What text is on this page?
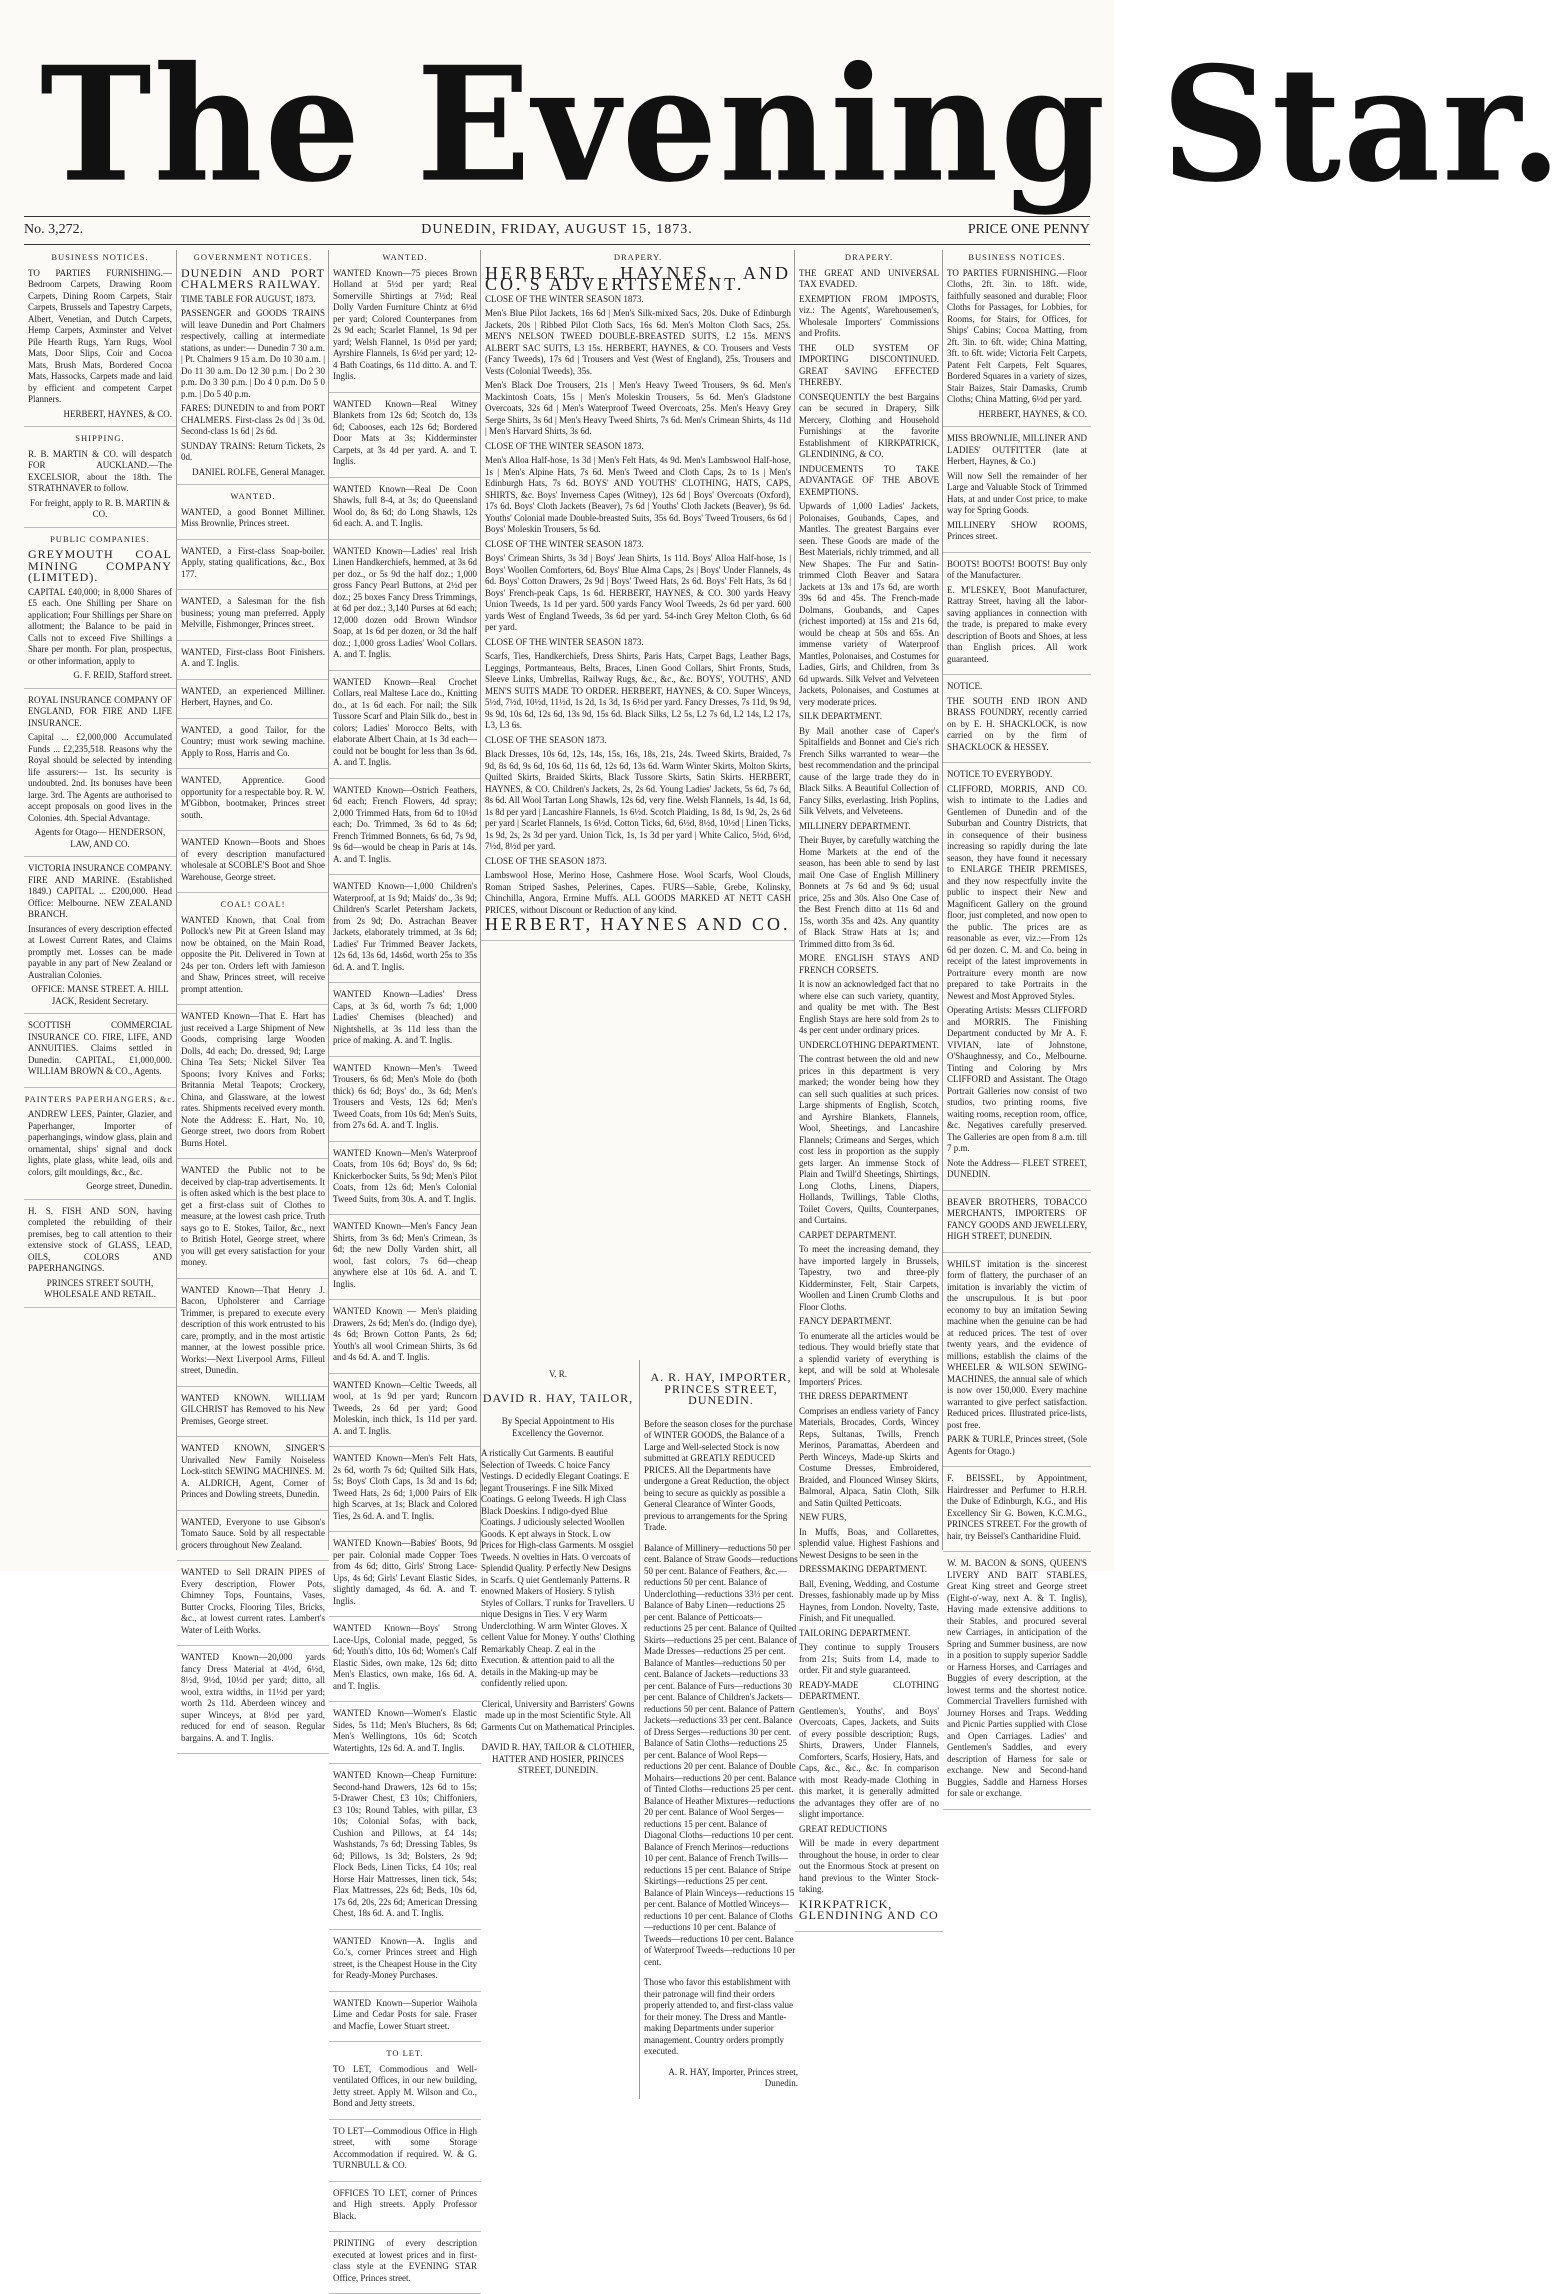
The Evening Star.
No. 3,272.	DUNEDIN, FRIDAY, AUGUST 15, 1873.	PRICE ONE PENNY
BUSINESS NOTICES.

TO PARTIES FURNISHING.—Bedroom Carpets, Drawing Room Carpets, Dining Room Carpets, Stair Carpets, Brussels and Tapestry Carpets, Albert, Venetian, and Dutch Carpets, Hemp Carpets, Axminster and Velvet Pile Hearth Rugs, Yarn Rugs, Wool Mats, Door Slips, Coir and Cocoa Mats, Brush Mats, Bordered Cocoa Mats, Hassocks, Carpets made and laid by efficient and competent Carpet Planners.

HERBERT, HAYNES, & CO.
SHIPPING.

R. B. MARTIN & CO. will despatch FOR AUCKLAND.—The EXCELSIOR, about the 18th. The STRATHNAVER to follow.

For freight, apply to R. B. MARTIN & CO.
PUBLIC COMPANIES.

GREYMOUTH COAL MINING COMPANY (LIMITED).

CAPITAL £40,000; in 8,000 Shares of £5 each. One Shilling per Share on application; Four Shillings per Share on allotment; the Balance to be paid in Calls not to exceed Five Shillings a Share per month. For plan, prospectus, or other information, apply to

G. F. REID, Stafford street.

ROYAL INSURANCE COMPANY OF ENGLAND, FOR FIRE AND LIFE INSURANCE.

Capital ... £2,000,000 Accumulated Funds ... £2,235,518. Reasons why the Royal should be selected by intending life assurers:— 1st. Its security is undoubted. 2nd. Its bonuses have been large. 3rd. The Agents are authorised to accept proposals on good lives in the Colonies. 4th. Special Advantage.

Agents for Otago— HENDERSON, LAW, AND CO.

VICTORIA INSURANCE COMPANY. FIRE AND MARINE. (Established 1849.) CAPITAL ... £200,000. Head Office: Melbourne. NEW ZEALAND BRANCH.

Insurances of every description effected at Lowest Current Rates, and Claims promptly met. Losses can be made payable in any part of New Zealand or Australian Colonies.

OFFICE: MANSE STREET. A. HILL JACK, Resident Secretary.

SCOTTISH COMMERCIAL INSURANCE CO. FIRE, LIFE, AND ANNUITIES. Claims settled in Dunedin. CAPITAL, £1,000,000. WILLIAM BROWN & CO., Agents.

PAINTERS PAPERHANGERS, &c.

ANDREW LEES, Painter, Glazier, and Paperhanger, Importer of paperhangings, window glass, plain and ornamental, ships' signal and dock lights, plate glass, white lead, oils and colors, gilt mouldings, &c., &c.

George street, Dunedin.

H. S. FISH AND SON, having completed the rebuilding of their premises, beg to call attention to their extensive stock of GLASS, LEAD, OILS, COLORS AND PAPERHANGINGS.

PRINCES STREET SOUTH, WHOLESALE AND RETAIL.
GOVERNMENT NOTICES.

DUNEDIN AND PORT CHALMERS RAILWAY.

TIME TABLE FOR AUGUST, 1873.

PASSENGER and GOODS TRAINS will leave Dunedin and Port Chalmers respectively, calling at intermediate stations, as under:— Dunedin 7 30 a.m. | Pt. Chalmers 9 15 a.m. Do 10 30 a.m. | Do 11 30 a.m. Do 12 30 p.m. | Do 2 30 p.m. Do 3 30 p.m. | Do 4 0 p.m. Do 5 0 p.m. | Do 5 40 p.m.

FARES: DUNEDIN to and from PORT CHALMERS. First-class 2s 0d | 3s 0d. Second-class 1s 6d | 2s 6d.

SUNDAY TRAINS: Return Tickets, 2s 0d.

DANIEL ROLFE, General Manager.
WANTED.

WANTED, a good Bonnet Milliner. Miss Brownlie, Princes street.

WANTED, a First-class Soap-boiler. Apply, stating qualifications, &c., Box 177.

WANTED, a Salesman for the fish business; young man preferred. Apply Melville, Fishmonger, Princes street.

WANTED, First-class Boot Finishers. A. and T. Inglis.

WANTED, an experienced Milliner. Herbert, Haynes, and Co.

WANTED, a good Tailor, for the Country; must work sewing machine. Apply to Ross, Harris and Co.

WANTED, Apprentice. Good opportunity for a respectable boy. R. W. M'Gibbon, bootmaker, Princes street south.

WANTED Known—Boots and Shoes of every description manufactured wholesale at SCOBLE'S Boot and Shoe Warehouse, George street.

COAL! COAL!

WANTED Known, that Coal from Pollock's new Pit at Green Island may now be obtained, on the Main Road, opposite the Pit. Delivered in Town at 24s per ton. Orders left with Jamieson and Shaw, Princes street, will receive prompt attention.

WANTED Known—That E. Hart has just received a Large Shipment of New Goods, comprising large Wooden Dolls, 4d each; Do. dressed, 9d; Large China Tea Sets; Nickel Silver Tea Spoons; Ivory Knives and Forks; Britannia Metal Teapots; Crockery, China, and Glassware, at the lowest rates. Shipments received every month. Note the Address: E. Hart, No. 10, George street, two doors from Robert Burns Hotel.

WANTED the Public not to be deceived by clap-trap advertisements. It is often asked which is the best place to get a first-class suit of Clothes to measure, at the lowest cash price. Truth says go to E. Stokes, Tailor, &c., next to British Hotel, George street, where you will get every satisfaction for your money.

WANTED Known—That Henry J. Bacon, Upholsterer and Carriage Trimmer, is prepared to execute every description of this work entrusted to his care, promptly, and in the most artistic manner, at the lowest possible price. Works:—Next Liverpool Arms, Filleul street, Dunedin.

WANTED KNOWN. WILLIAM GILCHRIST has Removed to his New Premises, George street.

WANTED KNOWN, SINGER'S Unrivalled New Family Noiseless Lock-stitch SEWING MACHINES. M. A. ALDRICH, Agent, Corner of Princes and Dowling streets, Dunedin.

WANTED, Everyone to use Gibson's Tomato Sauce. Sold by all respectable grocers throughout New Zealand.

WANTED to Sell DRAIN PIPES of Every description, Flower Pots, Chimney Tops, Fountains, Vases, Butter Crocks, Flooring Tiles, Bricks, &c., at lowest current rates. Lambert's Water of Leith Works.

WANTED Known—20,000 yards fancy Dress Material at 4½d, 6½d, 8½d, 9½d, 10½d per yard; ditto, all wool, extra widths, in 11½d per yard; worth 2s 11d. Aberdeen wincey and super Winceys, at 8½d per yard, reduced for end of season. Regular bargains. A. and T. Inglis.

WANTED.

WANTED Known—75 pieces Brown Holland at 5½d per yard; Real Somerville Shirtings at 7½d; Real Dolly Varden Furniture Chintz at 6½d per yard; Colored Counterpanes from 2s 9d each; Scarlet Flannel, 1s 9d per yard; Welsh Flannel, 1s 0½d per yard; Ayrshire Flannels, 1s 6½d per yard; 12-4 Bath Coatings, 6s 11d ditto. A. and T. Inglis.

WANTED Known—Real Witney Blankets from 12s 6d; Scotch do, 13s 6d; Cabooses, each 12s 6d; Bordered Door Mats at 3s; Kidderminster Carpets, at 3s 4d per yard. A. and T. Inglis.

WANTED Known—Real De Coon Shawls, full 8-4, at 3s; do Queensland Wool do, 8s 6d; do Long Shawls, 12s 6d each. A. and T. Inglis.

WANTED Known—Ladies' real Irish Linen Handkerchiefs, hemmed, at 3s 6d per doz., or 5s 9d the half doz.; 1,000 gross Fancy Pearl Buttons, at 2½d per doz.; 25 boxes Fancy Dress Trimmings, at 6d per doz.; 3,140 Purses at 6d each; 12,000 dozen odd Brown Windsor Soap, at 1s 6d per dozen, or 3d the half doz.; 1,000 gross Ladies' Wool Collars. A. and T. Inglis.

WANTED Known—Real Crochet Collars, real Maltese Lace do., Knitting do., at 1s 6d each. For nail; the Silk Tussore Scarf and Plain Silk do., best in colors; Ladies' Morocco Belts, with elaborate Albert Chain, at 1s 3d each—could not be bought for less than 3s 6d. A. and T. Inglis.

WANTED Known—Ostrich Feathers, 6d each; French Flowers, 4d spray; 2,000 Trimmed Hats, from 6d to 10½d each; Do. Trimmed, 3s 6d to 4s 6d; French Trimmed Bonnets, 6s 6d, 7s 9d, 9s 6d—would be cheap in Paris at 14s. A. and T. Inglis.

WANTED Known—1,000 Children's Waterproof, at 1s 9d; Maids' do., 3s 9d; Children's Scarlet Petersham Jackets, from 2s 9d; Do. Astrachan Beaver Jackets, elaborately trimmed, at 3s 6d; Ladies' Fur Trimmed Beaver Jackets, 12s 6d, 13s 6d, 14s6d, worth 25s to 35s 6d. A. and T. Inglis.

WANTED Known—Ladies' Dress Caps, at 3s 6d, worth 7s 6d; 1,000 Ladies' Chemises (bleached) and Nightshells, at 3s 11d less than the price of making. A. and T. Inglis.

WANTED Known—Men's Tweed Trousers, 6s 6d; Men's Mole do (both thick) 6s 6d; Boys' do., 3s 6d; Men's Trousers and Vests, 12s 6d; Men's Tweed Coats, from 10s 6d; Men's Suits, from 27s 6d. A. and T. Inglis.

WANTED Known—Men's Waterproof Coats, from 10s 6d; Boys' do, 9s 6d; Knickerbocker Suits, 5s 9d; Men's Pilot Coats, from 12s 6d; Men's Colonial Tweed Suits, from 30s. A. and T. Inglis.

WANTED Known—Men's Fancy Jean Shirts, from 3s 6d; Men's Crimean, 3s 6d; the new Dolly Varden shirt, all wool, fast colors, 7s 6d—cheap anywhere else at 10s 6d. A. and T. Inglis.

WANTED Known — Men's plaiding Drawers, 2s 6d; Men's do. (Indigo dye), 4s 6d; Brown Cotton Pants, 2s 6d; Youth's all wool Crimean Shirts, 3s 6d and 4s 6d. A. and T. Inglis.

WANTED Known—Celtic Tweeds, all wool, at 1s 9d per yard; Runcorn Tweeds, 2s 6d per yard; Good Moleskin, inch thick, 1s 11d per yard. A. and T. Inglis.

WANTED Known—Men's Felt Hats, 2s 6d, worth 7s 6d; Quilted Silk Hats, 5s; Boys' Cloth Caps, 1s 3d and 1s 6d; Tweed Hats, 2s 6d; 1,000 Pairs of Elk high Scarves, at 1s; Black and Colored Ties, 2s 6d. A. and T. Inglis.

WANTED Known—Babies' Boots, 9d per pair. Colonial made Copper Toes from 4s 6d; ditto, Girls' Strong Lace-Ups, 4s 6d; Girls' Levant Elastic Sides, slightly damaged, 4s 6d. A. and T. Inglis.

WANTED Known—Boys' Strong Lace-Ups, Colonial made, pegged, 5s 6d; Youth's ditto, 10s 6d; Women's Calf Elastic Sides, own make, 12s 6d; ditto Men's Elastics, own make, 16s 6d. A. and T. Inglis.

WANTED Known—Women's Elastic Sides, 5s 11d; Men's Bluchers, 8s 6d; Men's Wellingtons, 10s 6d; Scotch Watertights, 12s 6d. A. and T. Inglis.

WANTED Known—Cheap Furniture: Second-hand Drawers, 12s 6d to 15s; 5-Drawer Chest, £3 10s; Chiffoniers, £3 10s; Round Tables, with pillar, £3 10s; Colonial Sofas, with back, Cushion and Pillows, at £4 14s; Washstands, 7s 6d; Dressing Tables, 9s 6d; Pillows, 1s 3d; Bolsters, 2s 9d; Flock Beds, Linen Ticks, £4 10s; real Horse Hair Mattresses, linen tick, 54s; Flax Mattresses, 22s 6d; Beds, 10s 6d, 17s 6d, 20s, 22s 6d; American Dressing Chest, 18s 6d. A. and T. Inglis.

WANTED Known—A. Inglis and Co.'s, corner Princes street and High street, is the Cheapest House in the City for Ready-Money Purchases.

WANTED Known—Superior Waihola Lime and Cedar Posts for sale. Fraser and Macfie, Lower Stuart street.

TO LET.

TO LET, Commodious and Well-ventilated Offices, in our new building, Jetty street. Apply M. Wilson and Co., Bond and Jetty streets.

TO LET—Commodious Office in High street, with some Storage Accommodation if required. W. & G. TURNBULL & CO.

OFFICES TO LET, corner of Princes and High streets. Apply Professor Black.

PRINTING of every description executed at lowest prices and in first-class style at the EVENING STAR Office, Princes street.

DRAPERY.

HERBERT, HAYNES, AND CO.'S ADVERTISEMENT.

CLOSE OF THE WINTER SEASON 1873.

Men's Blue Pilot Jackets, 16s 6d | Men's Silk-mixed Sacs, 20s. Duke of Edinburgh Jackets, 20s | Ribbed Pilot Cloth Sacs, 16s 6d. Men's Molton Cloth Sacs, 25s. MEN'S NELSON TWEED DOUBLE-BREASTED SUITS, L2 15s. MEN'S ALBERT SAC SUITS, L3 15s. HERBERT, HAYNES, & CO. Trousers and Vests (Fancy Tweeds), 17s 6d | Trousers and Vest (West of England), 25s. Trousers and Vests (Colonial Tweeds), 35s.

Men's Black Doe Trousers, 21s | Men's Heavy Tweed Trousers, 9s 6d. Men's Mackintosh Coats, 15s | Men's Moleskin Trousers, 5s 6d. Men's Gladstone Overcoats, 32s 6d | Men's Waterproof Tweed Overcoats, 25s. Men's Heavy Grey Serge Shirts, 3s 6d | Men's Heavy Tweed Shirts, 7s 6d. Men's Crimean Shirts, 4s 11d | Men's Harvard Shirts, 3s 6d.

CLOSE OF THE WINTER SEASON 1873.

Men's Alloa Half-hose, 1s 3d | Men's Felt Hats, 4s 9d. Men's Lambswool Half-hose, 1s | Men's Alpine Hats, 7s 6d. Men's Tweed and Cloth Caps, 2s to 1s | Men's Edinburgh Hats, 7s 6d. BOYS' AND YOUTHS' CLOTHING, HATS, CAPS, SHIRTS, &c. Boys' Inverness Capes (Witney), 12s 6d | Boys' Overcoats (Oxford), 17s 6d. Boys' Cloth Jackets (Beaver), 7s 6d | Youths' Cloth Jackets (Beaver), 9s 6d. Youths' Colonial made Double-breasted Suits, 35s 6d. Boys' Tweed Trousers, 6s 6d | Boys' Moleskin Trousers, 5s 6d.

CLOSE OF THE WINTER SEASON 1873.

Boys' Crimean Shirts, 3s 3d | Boys' Jean Shirts, 1s 11d. Boys' Alloa Half-hose, 1s | Boys' Woollen Comforters, 6d. Boys' Blue Alma Caps, 2s | Boys' Under Flannels, 4s 6d. Boys' Cotton Drawers, 2s 9d | Boys' Tweed Hats, 2s 6d. Boys' Felt Hats, 3s 6d | Boys' French-peak Caps, 1s 6d. HERBERT, HAYNES, & CO. 300 yards Heavy Union Tweeds, 1s 1d per yard. 500 yards Fancy Wool Tweeds, 2s 6d per yard. 600 yards West of England Tweeds, 3s 6d per yard. 54-inch Grey Melton Cloth, 6s 6d per yard.

CLOSE OF THE WINTER SEASON 1873.

Scarfs, Ties, Handkerchiefs, Dress Shirts, Paris Hats, Carpet Bags, Leather Bags, Leggings, Portmanteaus, Belts, Braces, Linen Good Collars, Shirt Fronts, Studs, Sleeve Links, Umbrellas, Railway Rugs, &c., &c., &c. BOYS', YOUTHS', AND MEN'S SUITS MADE TO ORDER. HERBERT, HAYNES, & CO. Super Winceys, 5½d, 7½d, 10½d, 11½d, 1s 2d, 1s 3d, 1s 6½d per yard. Fancy Dresses, 7s 11d, 9s 9d, 9s 9d, 10s 6d, 12s 6d, 13s 9d, 15s 6d. Black Silks, L2 5s, L2 7s 6d, L2 14s, L2 17s, L3, L3 6s.

CLOSE OF THE SEASON 1873.

Black Dresses, 10s 6d, 12s, 14s, 15s, 16s, 18s, 21s, 24s. Tweed Skirts, Braided, 7s 9d, 8s 6d, 9s 6d, 10s 6d, 11s 6d, 12s 6d, 13s 6d. Warm Winter Skirts, Molton Skirts, Quilted Skirts, Braided Skirts, Black Tussore Skirts, Satin Skirts. HERBERT, HAYNES, & CO. Children's Jackets, 2s, 2s 6d. Young Ladies' Jackets, 5s 6d, 7s 6d, 8s 6d. All Wool Tartan Long Shawls, 12s 6d, very fine. Welsh Flannels, 1s 4d, 1s 6d, 1s 8d per yard | Lancashire Flannels, 1s 6½d. Scotch Plaiding, 1s 8d, 1s 9d, 2s, 2s 6d per yard | Scarlet Flannels, 1s 6½d. Cotton Ticks, 6d, 6½d, 8½d, 10½d | Linen Ticks, 1s 9d, 2s, 2s 3d per yard. Union Tick, 1s, 1s 3d per yard | White Calico, 5½d, 6½d, 7½d, 8½d per yard.

CLOSE OF THE SEASON 1873.

Lambswool Hose, Merino Hose, Cashmere Hose. Wool Scarfs, Wool Clouds, Roman Striped Sashes, Pelerines, Capes. FURS—Sable, Grebe, Kolinsky, Chinchilla, Angora, Ermine Muffs. ALL GOODS MARKED AT NETT CASH PRICES, without Discount or Reduction of any kind.

HERBERT, HAYNES AND CO.

V. R.

DAVID R. HAY, TAILOR,

By Special Appointment to His Excellency the Governor.

A ristically Cut Garments. B eautiful Selection of Tweeds. C hoice Fancy Vestings. D ecidedly Elegant Coatings. E legant Trouserings. F ine Silk Mixed Coatings. G eelong Tweeds. H igh Class Black Doeskins. I ndigo-dyed Blue Coatings. J udiciously selected Woollen Goods. K ept always in Stock. L ow Prices for High-class Garments. M ossgiel Tweeds. N ovelties in Hats. O vercoats of Splendid Quality. P erfectly New Designs in Scarfs. Q uiet Gentlemanly Patterns. R enowned Makers of Hosiery. S tylish Styles of Collars. T runks for Travellers. U nique Designs in Ties. V ery Warm Underclothing. W arm Winter Gloves. X cellent Value for Money. Y ouths' Clothing Remarkably Cheap. Z eal in the Execution. & attention paid to all the details in the Making-up may be confidently relied upon.

Clerical, University and Barristers' Gowns made up in the most Scientific Style. All Garments Cut on Mathematical Principles.

DAVID R. HAY, TAILOR & CLOTHIER, HATTER AND HOSIER, PRINCES STREET, DUNEDIN.

A. R. HAY, IMPORTER, PRINCES STREET, DUNEDIN.

Before the season closes for the purchase of WINTER GOODS, the Balance of a Large and Well-selected Stock is now submitted at GREATLY REDUCED PRICES. All the Departments have undergone a Great Reduction, the object being to secure as quickly as possible a General Clearance of Winter Goods, previous to arrangements for the Spring Trade.

Balance of Millinery—reductions 50 per cent. Balance of Straw Goods—reductions 50 per cent. Balance of Feathers, &c.—reductions 50 per cent. Balance of Underclothing—reductions 33⅓ per cent. Balance of Baby Linen—reductions 25 per cent. Balance of Petticoats—reductions 25 per cent. Balance of Quilted Skirts—reductions 25 per cent. Balance of Made Dresses—reductions 25 per cent. Balance of Mantles—reductions 50 per cent. Balance of Jackets—reductions 33 per cent. Balance of Furs—reductions 30 per cent. Balance of Children's Jackets—reductions 50 per cent. Balance of Pattern Jackets—reductions 33 per cent. Balance of Dress Serges—reductions 30 per cent. Balance of Satin Cloths—reductions 25 per cent. Balance of Wool Reps—reductions 20 per cent. Balance of Double Mohairs—reductions 20 per cent. Balance of Tinted Cloths—reductions 25 per cent. Balance of Heather Mixtures—reductions 20 per cent. Balance of Wool Serges—reductions 15 per cent. Balance of Diagonal Cloths—reductions 10 per cent. Balance of French Merinos—reductions 10 per cent. Balance of French Twills—reductions 15 per cent. Balance of Stripe Skirtings—reductions 25 per cent. Balance of Plain Winceys—reductions 15 per cent. Balance of Mottled Winceys—reductions 10 per cent. Balance of Cloths—reductions 10 per cent. Balance of Tweeds—reductions 10 per cent. Balance of Waterproof Tweeds—reductions 10 per cent.

Those who favor this establishment with their patronage will find their orders properly attended to, and first-class value for their money. The Dress and Mantle-making Departments under superior management. Country orders promptly executed.

A. R. HAY, Importer, Princes street, Dunedin.

DRAPERY.

THE GREAT AND UNIVERSAL TAX EVADED.

EXEMPTION FROM IMPOSTS, viz.: The Agents', Warehousemen's, Wholesale Importers' Commissions and Profits.

THE OLD SYSTEM OF IMPORTING DISCONTINUED. GREAT SAVING EFFECTED THEREBY.

CONSEQUENTLY the best Bargains can be secured in Drapery, Silk Mercery, Clothing and Household Furnishings at the favorite Establishment of KIRKPATRICK, GLENDINING, & CO.

INDUCEMENTS TO TAKE ADVANTAGE OF THE ABOVE EXEMPTIONS.

Upwards of 1,000 Ladies' Jackets, Polonaises, Goubands, Capes, and Mantles. The greatest Bargains ever seen. These Goods are made of the Best Materials, richly trimmed, and all New Shapes. The Fur and Satin-trimmed Cloth Beaver and Satara Jackets at 13s and 17s 6d, are worth 39s 6d and 45s. The French-made Dolmans, Goubands, and Capes (richest imported) at 15s and 21s 6d, would be cheap at 50s and 65s. An immense variety of Waterproof Mantles, Polonaises, and Costumes for Ladies, Girls, and Children, from 3s 6d upwards. Silk Velvet and Velveteen Jackets, Polonaises, and Costumes at very moderate prices.

SILK DEPARTMENT.

By Mail another case of Caper's Spitalfields and Bonnet and Cie's rich French Silks warranted to wear—the best recommendation and the principal cause of the large trade they do in Black Silks. A Beautiful Collection of Fancy Silks, everlasting. Irish Poplins, Silk Velvets, and Velveteens.

MILLINERY DEPARTMENT.

Their Buyer, by carefully watching the Home Markets at the end of the season, has been able to send by last mail One Case of English Millinery Bonnets at 7s 6d and 9s 6d; usual price, 25s and 30s. Also One Case of the Best French ditto at 11s 6d and 15s, worth 35s and 42s. Any quantity of Black Straw Hats at 1s; and Trimmed ditto from 3s 6d.

MORE ENGLISH STAYS AND FRENCH CORSETS.

It is now an acknowledged fact that no where else can such variety, quantity, and quality be met with. The Best English Stays are here sold from 2s to 4s per cent under ordinary prices.

UNDERCLOTHING DEPARTMENT.

The contrast between the old and new prices in this department is very marked; the wonder being how they can sell such qualities at such prices. Large shipments of English, Scotch, and Ayrshire Blankets, Flannels, Wool, Sheetings, and Lancashire Flannels; Crimeans and Serges, which cost less in proportion as the supply gets larger. An immense Stock of Plain and Twill'd Sheetings, Shirtings, Long Cloths, Linens, Diapers, Hollands, Twillings, Table Cloths, Toilet Covers, Quilts, Counterpanes, and Curtains.

CARPET DEPARTMENT.

To meet the increasing demand, they have imported largely in Brussels, Tapestry, two and three-ply Kidderminster, Felt, Stair Carpets, Woollen and Linen Crumb Cloths and Floor Cloths.

FANCY DEPARTMENT.

To enumerate all the articles would be tedious. They would briefly state that a splendid variety of everything is kept, and will be sold at Wholesale Importers' Prices.

THE DRESS DEPARTMENT

Comprises an endless variety of Fancy Materials, Brocades, Cords, Wincey Reps, Sultanas, Twills, French Merinos, Paramattas, Aberdeen and Perth Winceys, Made-up Skirts and Costume Dresses, Embroidered, Braided, and Flounced Winsey Skirts, Balmoral, Alpaca, Satin Cloth, Silk and Satin Quilted Petticoats.

NEW FURS,

In Muffs, Boas, and Collarettes, splendid value. Highest Fashions and Newest Designs to be seen in the

DRESSMAKING DEPARTMENT.

Ball, Evening, Wedding, and Costume Dresses, fashionably made up by Miss Haynes, from London. Novelty, Taste, Finish, and Fit unequalled.

TAILORING DEPARTMENT.

They continue to supply Trousers from 21s; Suits from L4, made to order. Fit and style guaranteed.

READY-MADE CLOTHING DEPARTMENT.

Gentlemen's, Youths', and Boys' Overcoats, Capes, Jackets, and Suits of every possible description; Rugs, Shirts, Drawers, Under Flannels, Comforters, Scarfs, Hosiery, Hats, and Caps, &c., &c., &c. In comparison with most Ready-made Clothing in this market, it is generally admitted the advantages they offer are of no slight importance.

GREAT REDUCTIONS

Will be made in every department throughout the house, in order to clear out the Enormous Stock at present on hand previous to the Winter Stock-taking.

KIRKPATRICK, GLENDINING AND CO

BUSINESS NOTICES.

TO PARTIES FURNISHING.—Floor Cloths, 2ft. 3in. to 18ft. wide, faithfully seasoned and durable; Floor Cloths for Passages, for Lobbies, for Rooms, for Stairs, for Offices, for Ships' Cabins; Cocoa Matting, from 2ft. 3in. to 6ft. wide; China Matting, 3ft. to 6ft. wide; Victoria Felt Carpets, Patent Felt Carpets, Felt Squares, Bordered Squares in a variety of sizes, Stair Baizes, Stair Damasks, Crumb Cloths; China Matting, 6½d per yard.

HERBERT, HAYNES, & CO.

MISS BROWNLIE, MILLINER AND LADIES' OUTFITTER (late at Herbert, Haynes, & Co.)

Will now Sell the remainder of her Large and Valuable Stock of Trimmed Hats, at and under Cost price, to make way for Spring Goods.

MILLINERY SHOW ROOMS, Princes street.

BOOTS! BOOTS! BOOTS! Buy only of the Manufacturer.

E. M'LESKEY, Boot Manufacturer, Rattray Street, having all the labor-saving appliances in connection with the trade, is prepared to make every description of Boots and Shoes, at less than English prices. All work guaranteed.

NOTICE.

THE SOUTH END IRON AND BRASS FOUNDRY, recently carried on by E. H. SHACKLOCK, is now carried on by the firm of SHACKLOCK & HESSEY.

NOTICE TO EVERYBODY.

CLIFFORD, MORRIS, AND CO. wish to intimate to the Ladies and Gentlemen of Dunedin and of the Suburban and Country Districts, that in consequence of their business increasing so rapidly during the late season, they have found it necessary to ENLARGE THEIR PREMISES, and they now respectfully invite the public to inspect their New and Magnificent Gallery on the ground floor, just completed, and now open to the public. The prices are as reasonable as ever, viz.:—From 12s 6d per dozen. C. M. and Co. being in receipt of the latest improvements in Portraiture every month are now prepared to take Portraits in the Newest and Most Approved Styles.

Operating Artists: Messrs CLIFFORD and MORRIS. The Finishing Department conducted by Mr A. F. VIVIAN, late of Johnstone, O'Shaughnessy, and Co., Melbourne. Tinting and Coloring by Mrs CLIFFORD and Assistant. The Otago Portrait Galleries now consist of two studios, two printing rooms, five waiting rooms, reception room, office, &c. Negatives carefully preserved. The Galleries are open from 8 a.m. till 7 p.m.

Note the Address— FLEET STREET, DUNEDIN.

BEAVER BROTHERS, TOBACCO MERCHANTS, IMPORTERS OF FANCY GOODS AND JEWELLERY, HIGH STREET, DUNEDIN.

WHILST imitation is the sincerest form of flattery, the purchaser of an imitation is invariably the victim of the unscrupulous. It is but poor economy to buy an imitation Sewing machine when the genuine can be had at reduced prices. The test of over twenty years, and the evidence of millions, establish the claims of the WHEELER & WILSON SEWING-MACHINES, the annual sale of which is now over 150,000. Every machine warranted to give perfect satisfaction. Reduced prices. Illustrated price-lists, post free.

PARK & TURLE, Princes street, (Sole Agents for Otago.)

F. BEISSEL, by Appointment, Hairdresser and Perfumer to H.R.H. the Duke of Edinburgh, K.G., and His Excellency Sir G. Bowen, K.C.M.G., PRINCES STREET. For the growth of hair, try Beissel's Cantharidine Fluid.

W. M. BACON & SONS, QUEEN'S LIVERY AND BAIT STABLES, Great King street and George street (Eight-o'-way, next A. & T. Inglis), Having made extensive additions to their Stables, and procured several new Carriages, in anticipation of the Spring and Summer business, are now in a position to supply superior Saddle or Harness Horses, and Carriages and Buggies of every description, at the lowest terms and the shortest notice. Commercial Travellers furnished with Journey Horses and Traps. Wedding and Picnic Parties supplied with Close and Open Carriages. Ladies' and Gentlemen's Saddles, and every description of Harness for sale or exchange. New and Second-hand Buggies, Saddle and Harness Horses for sale or exchange.
